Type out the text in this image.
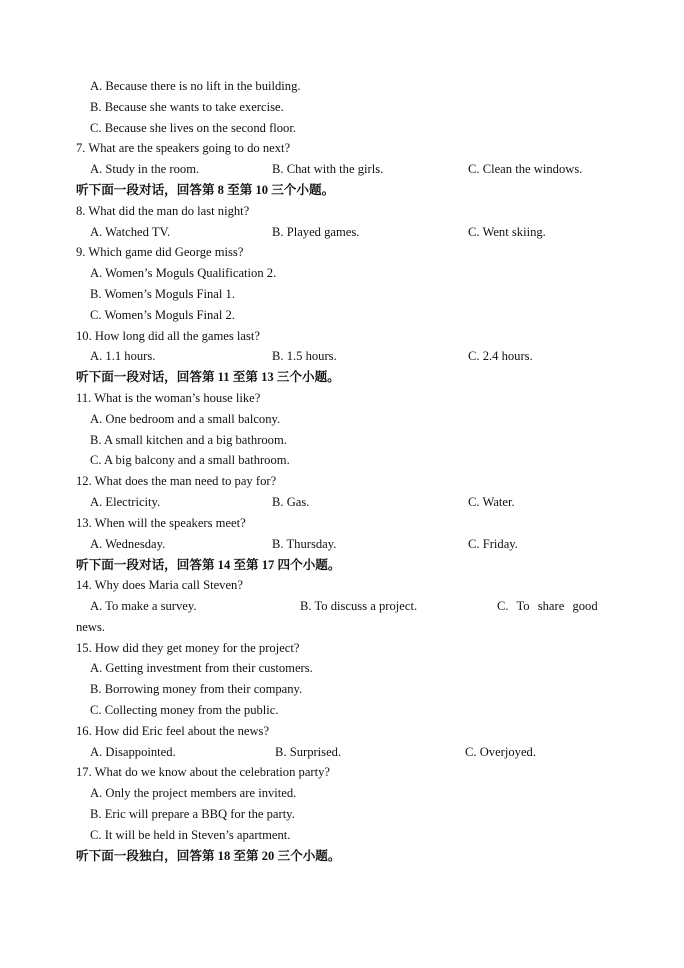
A. Because there is no lift in the building.
B. Because she wants to take exercise.
C. Because she lives on the second floor.
7. What are the speakers going to do next?
A. Study in the room.	B. Chat with the girls.	C. Clean the windows.
听下面一段对话，回答第 8 至第 10 三个小题。
8. What did the man do last night?
A. Watched TV.	B. Played games.	C. Went skiing.
9. Which game did George miss?
A. Women’s Moguls Qualification 2.
B. Women’s Moguls Final 1.
C. Women’s Moguls Final 2.
10. How long did all the games last?
A. 1.1 hours.	B. 1.5 hours.	C. 2.4 hours.
听下面一段对话，回答第 11 至第 13 三个小题。
11. What is the woman’s house like?
A. One bedroom and a small balcony.
B. A small kitchen and a big bathroom.
C. A big balcony and a small bathroom.
12. What does the man need to pay for?
A. Electricity.	B. Gas.	C. Water.
13. When will the speakers meet?
A. Wednesday.	B. Thursday.	C. Friday.
听下面一段对话，回答第 14 至第 17 四个小题。
14. Why does Maria call Steven?
A. To make a survey.	B. To discuss a project.	C. To share good
news.
15. How did they get money for the project?
A. Getting investment from their customers.
B. Borrowing money from their company.
C. Collecting money from the public.
16. How did Eric feel about the news?
A. Disappointed.	B. Surprised.	C. Overjoyed.
17. What do we know about the celebration party?
A. Only the project members are invited.
B. Eric will prepare a BBQ for the party.
C. It will be held in Steven’s apartment.
听下面一段独白，回答第 18 至第 20 三个小题。
